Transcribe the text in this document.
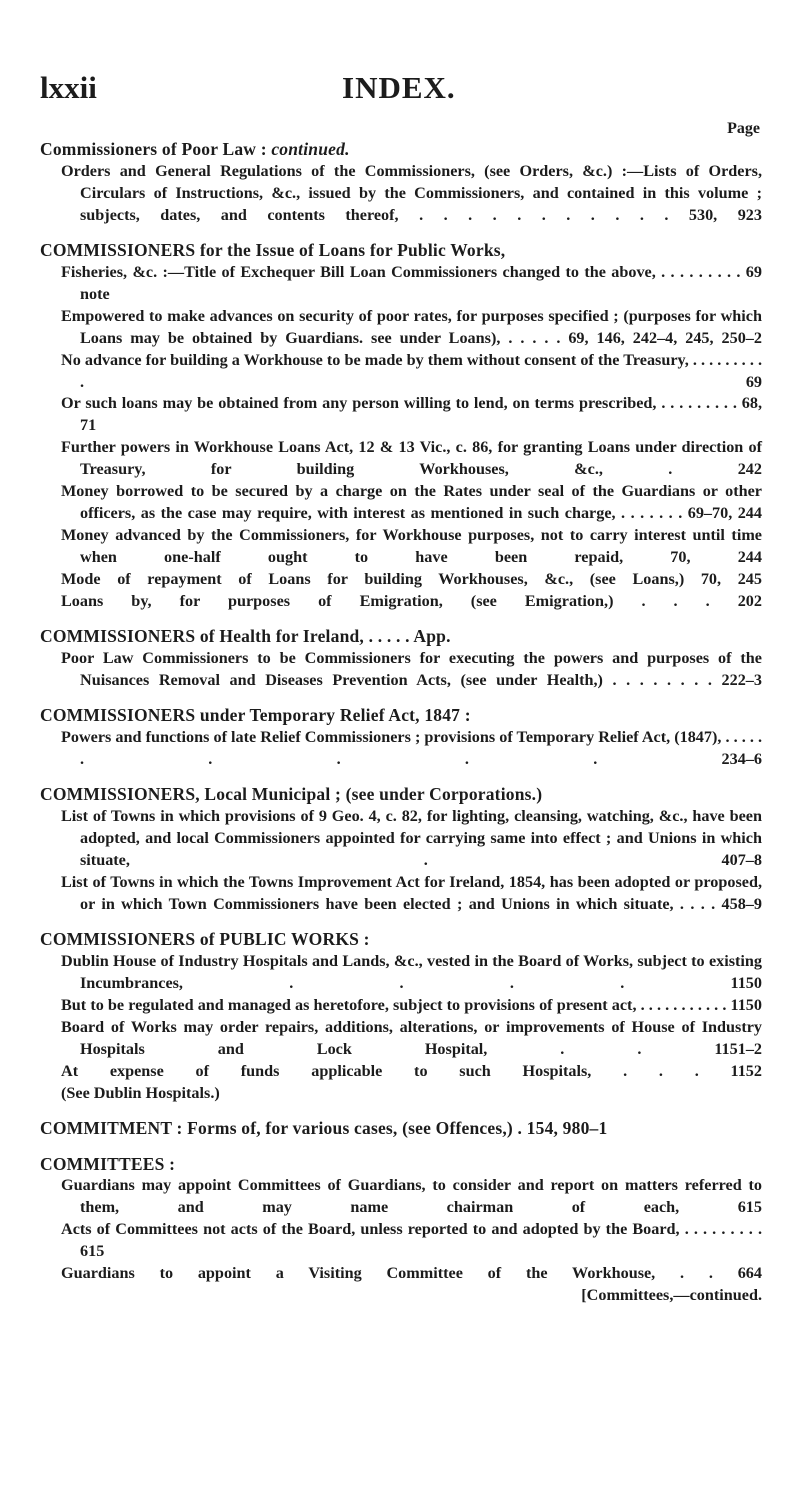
lxxii	INDEX.
Page
Commissioners of Poor Law : continued.

Orders and General Regulations of the Commissioners, (see Orders, &c.) :—Lists of Orders, Circulars of Instructions, &c., issued by the Commissioners, and contained in this volume ; subjects, dates, and contents thereof, . . . . . . . . . . . 530, 923

COMMISSIONERS for the Issue of Loans for Public Works,

Fisheries, &c. :—Title of Exchequer Bill Loan Commissioners changed to the above, . . . . . . . . . 69 note

Empowered to make advances on security of poor rates, for purposes specified ; (purposes for which Loans may be obtained by Guardians. see under Loans), . . . . . 69, 146, 242–4, 245, 250–2

No advance for building a Workhouse to be made by them without consent of the Treasury, . . . . . . . . . . 69

Or such loans may be obtained from any person willing to lend, on terms prescribed, . . . . . . . . . 68, 71

Further powers in Workhouse Loans Act, 12 & 13 Vic., c. 86, for granting Loans under direction of Treasury, for building Workhouses, &c., . 242

Money borrowed to be secured by a charge on the Rates under seal of the Guardians or other officers, as the case may require, with interest as mentioned in such charge, . . . . . . . 69–70, 244

Money advanced by the Commissioners, for Workhouse purposes, not to carry interest until time when one-half ought to have been repaid, 70, 244

Mode of repayment of Loans for building Workhouses, &c., (see Loans,) 70, 245

Loans by, for purposes of Emigration, (see Emigration,) . . . 202

COMMISSIONERS of Health for Ireland, . . . . . App.

Poor Law Commissioners to be Commissioners for executing the powers and purposes of the Nuisances Removal and Diseases Prevention Acts, (see under Health,) . . . . . . . . 222–3

COMMISSIONERS under Temporary Relief Act, 1847 :

Powers and functions of late Relief Commissioners ; provisions of Temporary Relief Act, (1847), . . . . . . . . . . 234–6

COMMISSIONERS, Local Municipal ; (see under Corporations.)

List of Towns in which provisions of 9 Geo. 4, c. 82, for lighting, cleansing, watching, &c., have been adopted, and local Commissioners appointed for carrying same into effect ; and Unions in which situate, . 407–8

List of Towns in which the Towns Improvement Act for Ireland, 1854, has been adopted or proposed, or in which Town Commissioners have been elected ; and Unions in which situate, . . . . 458–9

COMMISSIONERS of PUBLIC WORKS :

Dublin House of Industry Hospitals and Lands, &c., vested in the Board of Works, subject to existing Incumbrances, . . . . 1150

But to be regulated and managed as heretofore, subject to provisions of present act, . . . . . . . . . . . 1150

Board of Works may order repairs, additions, alterations, or improvements of House of Industry Hospitals and Lock Hospital, . . 1151–2

At expense of funds applicable to such Hospitals, . . . 1152

(See Dublin Hospitals.)

COMMITMENT : Forms of, for various cases, (see Offences,) . 154, 980–1
COMMITTEES :

Guardians may appoint Committees of Guardians, to consider and report on matters referred to them, and may name chairman of each, 615

Acts of Committees not acts of the Board, unless reported to and adopted by the Board, . . . . . . . . . 615

Guardians to appoint a Visiting Committee of the Workhouse, . . 664

[Committees,—continued.
